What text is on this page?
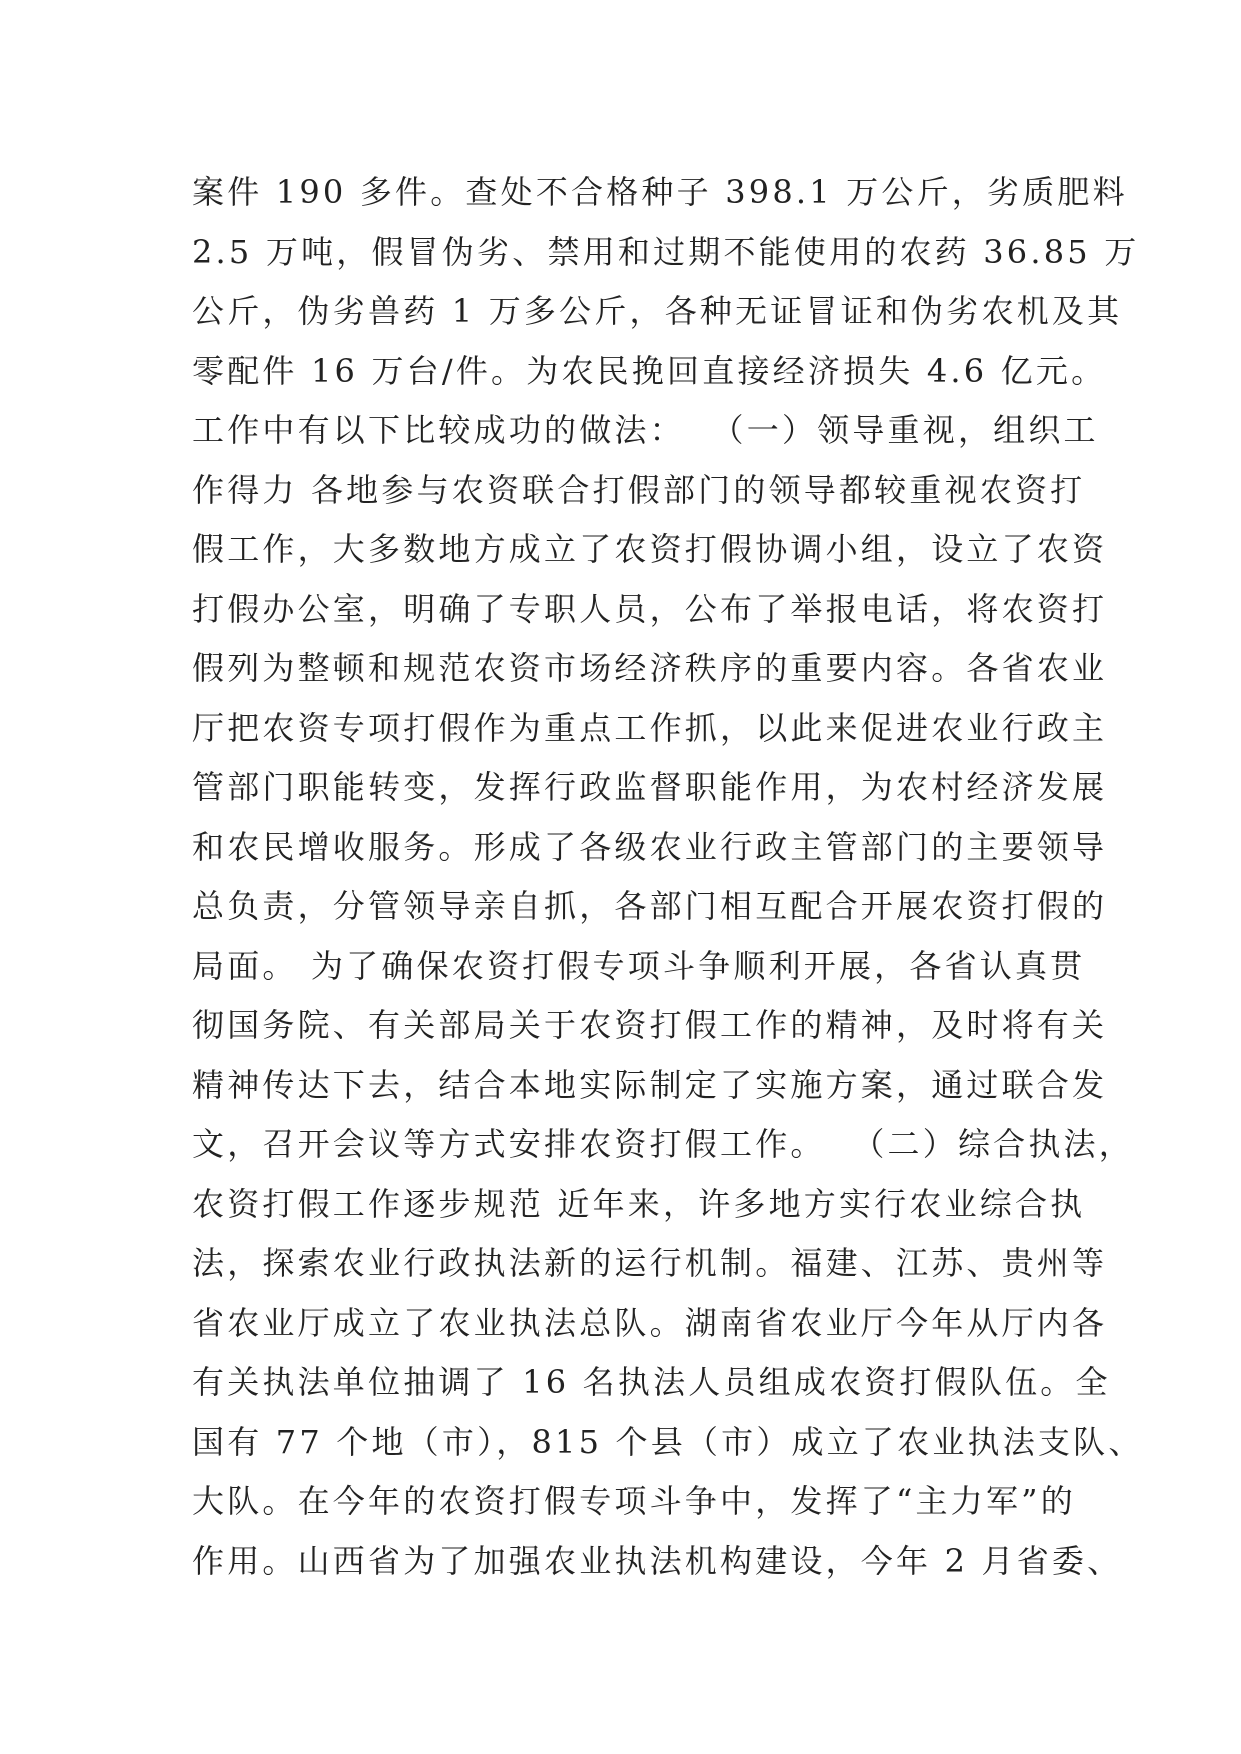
案件 190 多件。查处不合格种子 398.1 万公斤，劣质肥料
2.5 万吨，假冒伪劣、禁用和过期不能使用的农药 36.85 万
公斤，伪劣兽药 1 万多公斤，各种无证冒证和伪劣农机及其
零配件 16 万台/件。为农民挽回直接经济损失 4.6 亿元。
工作中有以下比较成功的做法：  （一）领导重视，组织工
作得力 各地参与农资联合打假部门的领导都较重视农资打
假工作，大多数地方成立了农资打假协调小组，设立了农资
打假办公室，明确了专职人员，公布了举报电话，将农资打
假列为整顿和规范农资市场经济秩序的重要内容。各省农业
厅把农资专项打假作为重点工作抓，以此来促进农业行政主
管部门职能转变，发挥行政监督职能作用，为农村经济发展
和农民增收服务。形成了各级农业行政主管部门的主要领导
总负责，分管领导亲自抓，各部门相互配合开展农资打假的
局面。 为了确保农资打假专项斗争顺利开展，各省认真贯
彻国务院、有关部局关于农资打假工作的精神，及时将有关
精神传达下去，结合本地实际制定了实施方案，通过联合发
文，召开会议等方式安排农资打假工作。  （二）综合执法，
农资打假工作逐步规范 近年来，许多地方实行农业综合执
法，探索农业行政执法新的运行机制。福建、江苏、贵州等
省农业厅成立了农业执法总队。湖南省农业厅今年从厅内各
有关执法单位抽调了 16 名执法人员组成农资打假队伍。全
国有 77 个地（市），815 个县（市）成立了农业执法支队、
大队。在今年的农资打假专项斗争中，发挥了“主力军”的
作用。山西省为了加强农业执法机构建设，今年 2 月省委、
